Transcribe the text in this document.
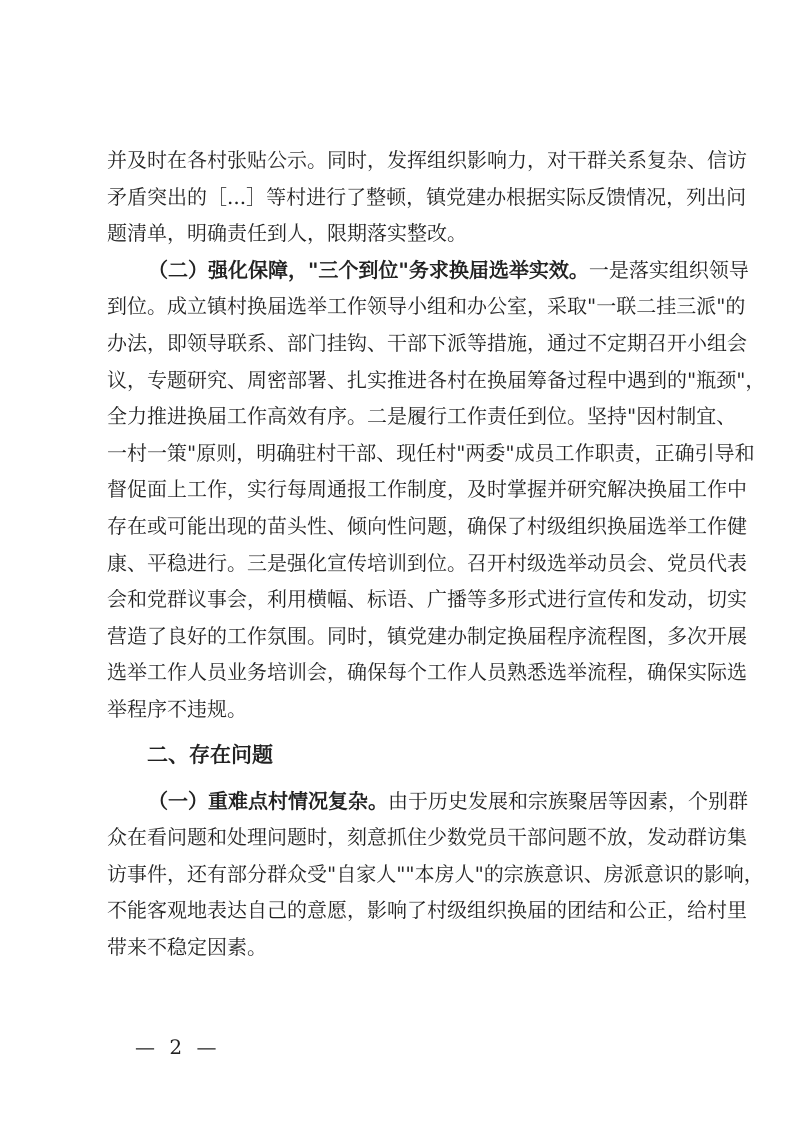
并及时在各村张贴公示。同时，发挥组织影响力，对干群关系复杂、信访
矛盾突出的［...］等村进行了整顿，镇党建办根据实际反馈情况，列出问
题清单，明确责任到人，限期落实整改。
（二）强化保障，"三个到位"务求换届选举实效。一是落实组织领导
到位。成立镇村换届选举工作领导小组和办公室，采取"一联二挂三派"的
办法，即领导联系、部门挂钩、干部下派等措施，通过不定期召开小组会
议，专题研究、周密部署、扎实推进各村在换届筹备过程中遇到的"瓶颈"，
全力推进换届工作高效有序。二是履行工作责任到位。坚持"因村制宜、
一村一策"原则，明确驻村干部、现任村"两委"成员工作职责，正确引导和
督促面上工作，实行每周通报工作制度，及时掌握并研究解决换届工作中
存在或可能出现的苗头性、倾向性问题，确保了村级组织换届选举工作健
康、平稳进行。三是强化宣传培训到位。召开村级选举动员会、党员代表
会和党群议事会，利用横幅、标语、广播等多形式进行宣传和发动，切实
营造了良好的工作氛围。同时，镇党建办制定换届程序流程图，多次开展
选举工作人员业务培训会，确保每个工作人员熟悉选举流程，确保实际选
举程序不违规。
二、存在问题
（一）重难点村情况复杂。由于历史发展和宗族聚居等因素，个别群
众在看问题和处理问题时，刻意抓住少数党员干部问题不放，发动群访集
访事件，还有部分群众受"自家人""本房人"的宗族意识、房派意识的影响，
不能客观地表达自己的意愿，影响了村级组织换届的团结和公正，给村里
带来不稳定因素。
— 2 —
